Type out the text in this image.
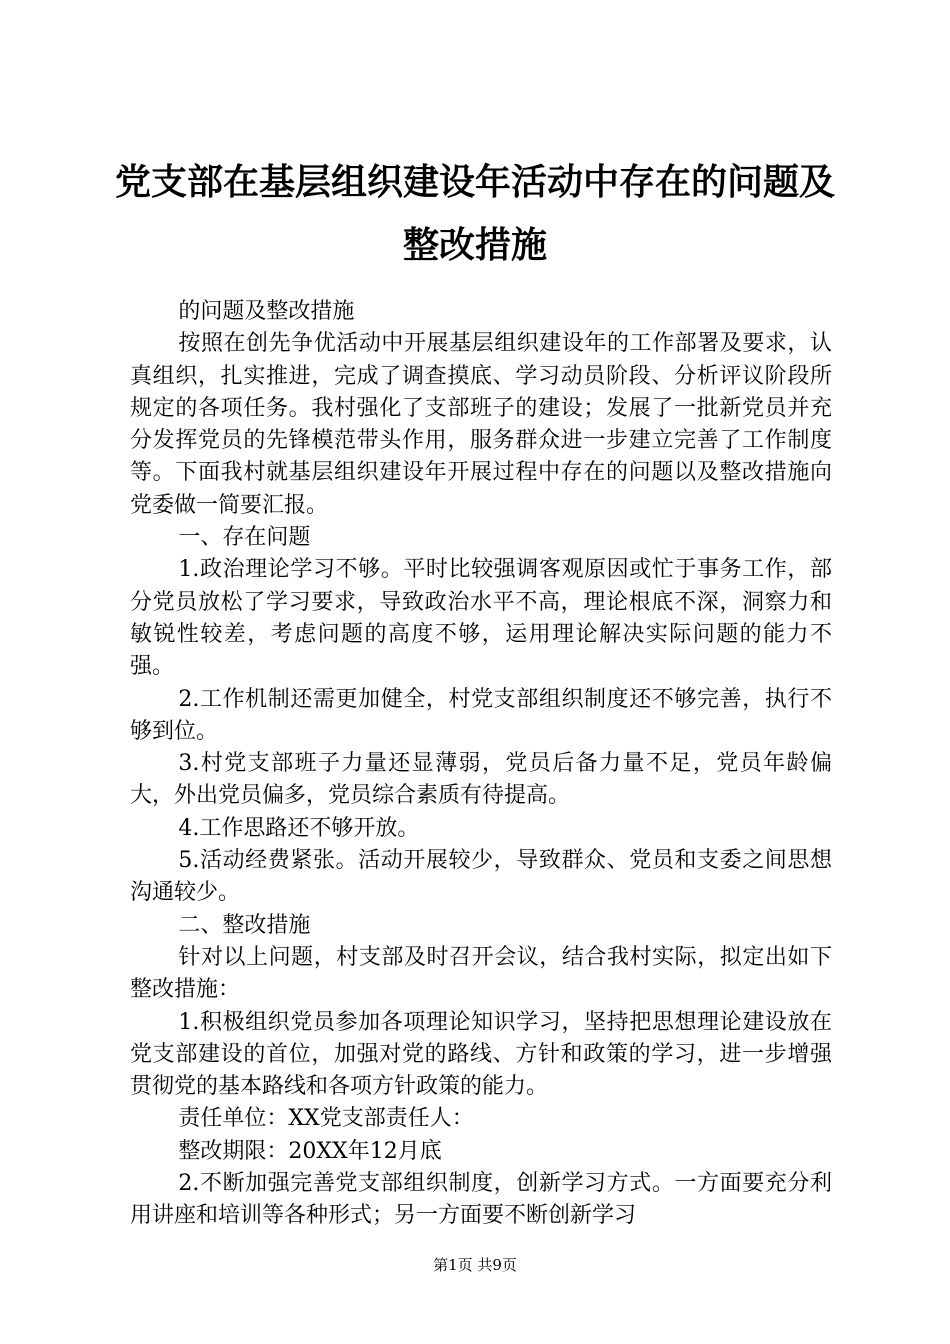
党支部在基层组织建设年活动中存在的问题及
整改措施

的问题及整改措施

按照在创先争优活动中开展基层组织建设年的工作部署及要求，认真组织，扎实推进，完成了调查摸底、学习动员阶段、分析评议阶段所规定的各项任务。我村强化了支部班子的建设；发展了一批新党员并充分发挥党员的先锋模范带头作用，服务群众进一步建立完善了工作制度等。下面我村就基层组织建设年开展过程中存在的问题以及整改措施向党委做一简要汇报。

一、存在问题

1.政治理论学习不够。平时比较强调客观原因或忙于事务工作，部分党员放松了学习要求，导致政治水平不高，理论根底不深，洞察力和敏锐性较差，考虑问题的高度不够，运用理论解决实际问题的能力不强。

2.工作机制还需更加健全，村党支部组织制度还不够完善，执行不够到位。

3.村党支部班子力量还显薄弱，党员后备力量不足，党员年龄偏大，外出党员偏多，党员综合素质有待提高。

4.工作思路还不够开放。

5.活动经费紧张。活动开展较少，导致群众、党员和支委之间思想沟通较少。

二、整改措施

针对以上问题，村支部及时召开会议，结合我村实际，拟定出如下整改措施：

1.积极组织党员参加各项理论知识学习，坚持把思想理论建设放在党支部建设的首位，加强对党的路线、方针和政策的学习，进一步增强贯彻党的基本路线和各项方针政策的能力。

责任单位：XX党支部责任人：

整改期限：20XX年12月底

2.不断加强完善党支部组织制度，创新学习方式。一方面要充分利用讲座和培训等各种形式；另一方面要不断创新学习

第1页 共9页
